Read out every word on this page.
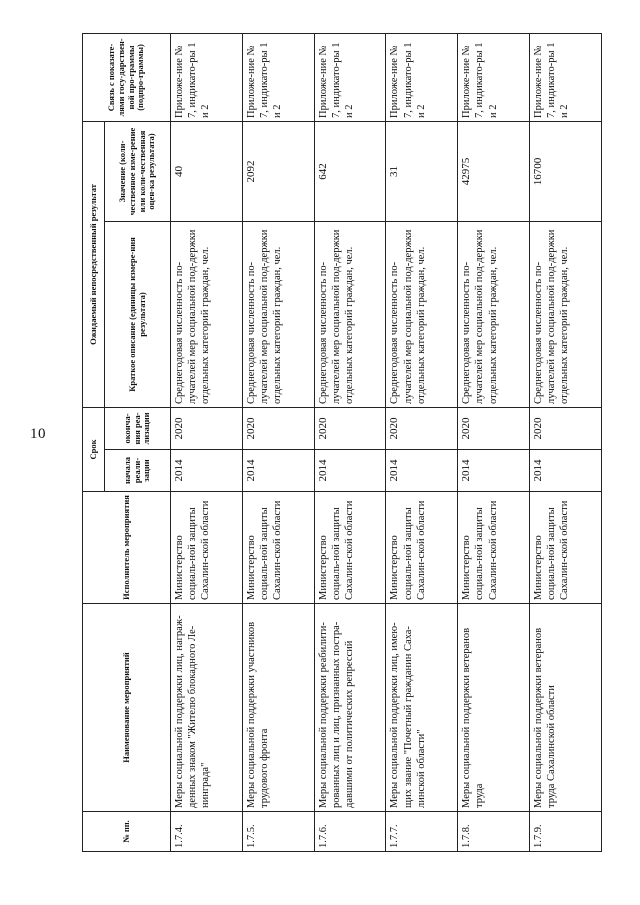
10
№ пп.	Наименование мероприятий	Исполнитель мероприятия	Срок		Ожидаемый непосредственный результат		Связь с показате-лями госу-дарствен-ной про-граммы (подпро-граммы)
			начала реали-зации	оконча-ния реа-лизации	Краткое описание (единицы измере-ния результата)	Значение (коли-чественное изме-рение или коли-чественная оцен-ка результата)	
1.7.4.	Меры социальной поддержки лиц, награж-денных знаком "Жителю блокадного Ле-нинграда"	Министерство социаль-ной защиты Сахалин-ской области	2014	2020	Среднегодовая численность по-лучателей мер социальной под-держки отдельных категорий граждан, чел.	40	Приложе-ние № 7, индикато-ры 1 и 2
1.7.5.	Меры социальной поддержки участников трудового фронта	Министерство социаль-ной защиты Сахалин-ской области	2014	2020	Среднегодовая численность по-лучателей мер социальной под-держки отдельных категорий граждан, чел.	2092	Приложе-ние № 7, индикато-ры 1 и 2
1.7.6.	Меры социальной поддержки реабилити-рованных лиц и лиц, признанных постра-давшими от политических репрессий	Министерство социаль-ной защиты Сахалин-ской области	2014	2020	Среднегодовая численность по-лучателей мер социальной под-держки отдельных категорий граждан, чел.	642	Приложе-ние № 7, индикато-ры 1 и 2
1.7.7.	Меры социальной поддержки лиц, имею-щих звание "Почетный гражданин Саха-линской области"	Министерство социаль-ной защиты Сахалин-ской области	2014	2020	Среднегодовая численность по-лучателей мер социальной под-держки отдельных категорий граждан, чел.	31	Приложе-ние № 7, индикато-ры 1 и 2
1.7.8.	Меры социальной поддержки ветеранов труда	Министерство социаль-ной защиты Сахалин-ской области	2014	2020	Среднегодовая численность по-лучателей мер социальной под-держки отдельных категорий граждан, чел.	42975	Приложе-ние № 7, индикато-ры 1 и 2
1.7.9.	Меры социальной поддержки ветеранов труда Сахалинской области	Министерство социаль-ной защиты Сахалин-ской области	2014	2020	Среднегодовая численность по-лучателей мер социальной под-держки отдельных категорий граждан, чел.	16700	Приложе-ние № 7, индикато-ры 1 и 2
